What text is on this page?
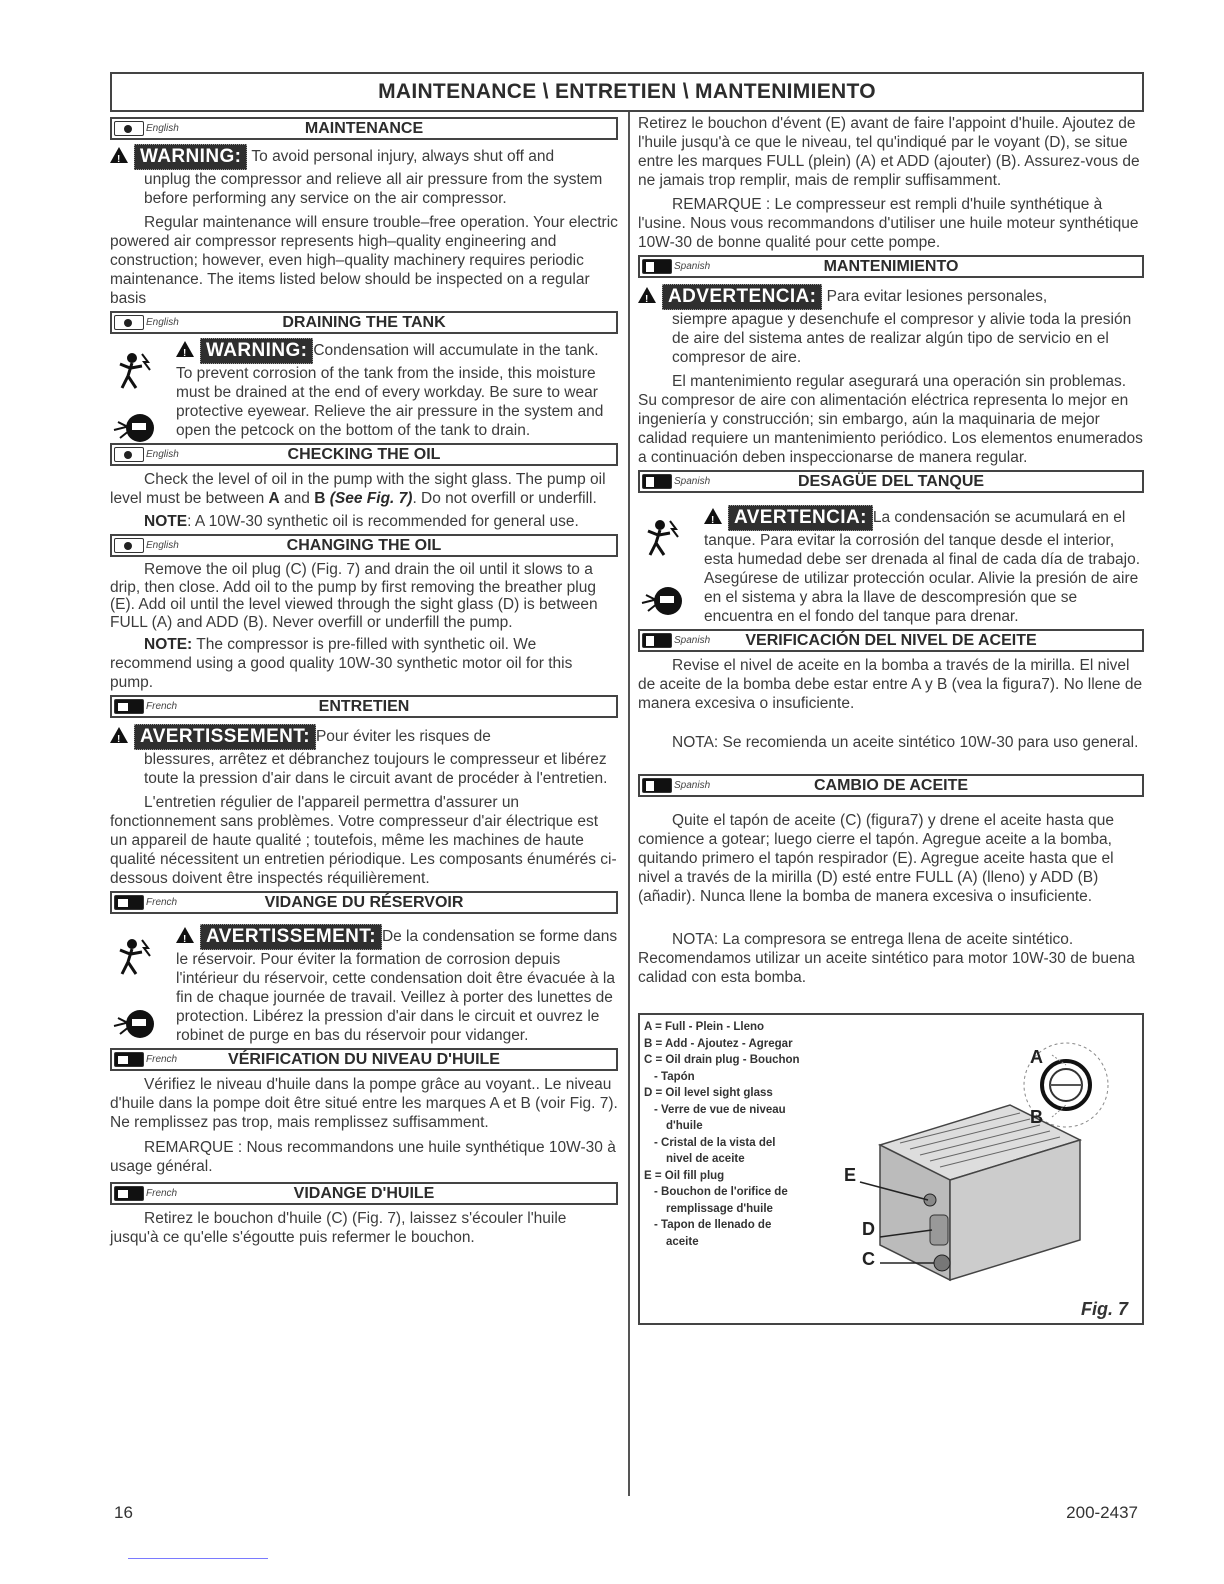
MAINTENANCE \ ENTRETIEN \ MANTENIMIENTO
English	MAINTENANCE
!WARNING: To avoid personal injury, always shut off and

unplug the compressor and relieve all air pressure from the system before performing any service on the air compressor.

Regular maintenance will ensure trouble–free operation. Your electric powered air compressor represents high–quality engineering and construction; however, even high–quality machinery requires periodic maintenance. The items listed below should be inspected on a regular basis

English	DRAINING THE TANK
!WARNING: Condensation will accumulate in the tank. To prevent corrosion of the tank from the inside, this moisture must be drained at the end of every workday. Be sure to wear protective eyewear. Relieve the air pressure in the system and open the petcock on the bottom of the tank to drain.
English	CHECKING THE OIL

Check the level of oil in the pump with the sight glass. The pump oil level must be between A and B (See Fig. 7). Do not overfill or underfill.

NOTE: A 10W-30 synthetic oil is recommended for general use.

English	CHANGING THE OIL

Remove the oil plug (C) (Fig. 7) and drain the oil until it slows to a drip, then close. Add oil to the pump by first removing the breather plug (E). Add oil until the level viewed through the sight glass (D) is between FULL (A) and ADD (B). Never overfill or underfill the pump.

NOTE: The compressor is pre-filled with synthetic oil. We recommend using a good quality 10W-30 synthetic motor oil for this pump.

French	ENTRETIEN
!AVERTISSEMENT: Pour éviter les risques de

blessures, arrêtez et débranchez toujours le compresseur et libérez toute la pression d'air dans le circuit avant de procéder à l'entretien.

L'entretien régulier de l'appareil permettra d'assurer un fonctionnement sans problèmes. Votre compresseur d'air électrique est un appareil de haute qualité ; toutefois, même les machines de haute qualité nécessitent un entretien périodique. Les composants énumérés ci-dessous doivent être inspectés réquilièrement.

French	VIDANGE DU RÉSERVOIR
!AVERTISSEMENT: De la condensation se forme dans le réservoir. Pour éviter la formation de corrosion depuis l'intérieur du réservoir, cette condensation doit être évacuée à la fin de chaque journée de travail. Veillez à porter des lunettes de protection. Libérez la pression d'air dans le circuit et ouvrez le robinet de purge en bas du réservoir pour vidanger.
French	VÉRIFICATION DU NIVEAU D'HUILE

Vérifiez le niveau d'huile dans la pompe grâce au voyant.. Le niveau d'huile dans la pompe doit être situé entre les marques A et B (voir Fig. 7). Ne remplissez pas trop, mais remplissez suffisamment.

REMARQUE : Nous recommandons une huile synthétique 10W-30 à usage général.

French	VIDANGE D'HUILE

Retirez le bouchon d'huile (C) (Fig. 7), laissez s'écouler l'huile jusqu'à ce qu'elle s'égoutte puis refermer le bouchon.

Retirez le bouchon d'évent (E) avant de faire l'appoint d'huile. Ajoutez de l'huile jusqu'à ce que le niveau, tel qu'indiqué par le voyant (D), se situe entre les marques FULL (plein) (A) et ADD (ajouter) (B). Assurez-vous de ne jamais trop remplir, mais de remplir suffisamment.

REMARQUE : Le compresseur est rempli d'huile synthétique à l'usine. Nous vous recommandons d'utiliser une huile moteur synthétique 10W-30 de bonne qualité pour cette pompe.

Spanish	MANTENIMIENTO
!ADVERTENCIA: Para evitar lesiones personales,

siempre apague y desenchufe el compresor y alivie toda la presión de aire del sistema antes de realizar algún tipo de servicio en el compresor de aire.

El mantenimiento regular asegurará una operación sin problemas. Su compresor de aire con alimentación eléctrica representa lo mejor en ingeniería y construcción; sin embargo, aún la maquinaria de mejor calidad requiere un mantenimiento periódico. Los elementos enumerados a continuación deben inspeccionarse de manera regular.

Spanish	DESAGÜE DEL TANQUE
!AVERTENCIA: La condensación se acumulará en el tanque. Para evitar la corrosión del tanque desde el interior, esta humedad debe ser drenada al final de cada día de trabajo. Asegúrese de utilizar protección ocular. Alivie la presión de aire en el sistema y abra la llave de descompresión que se encuentra en el fondo del tanque para drenar.
Spanish	VERIFICACIÓN DEL NIVEL DE ACEITE

Revise el nivel de aceite en la bomba a través de la mirilla. El nivel de aceite de la bomba debe estar entre A y B (vea la figura7). No llene de manera excesiva o insuficiente.

NOTA: Se recomienda un aceite sintético 10W-30 para uso general.

Spanish	CAMBIO DE ACEITE

Quite el tapón de aceite (C) (figura7) y drene el aceite hasta que comience a gotear; luego cierre el tapón. Agregue aceite a la bomba, quitando primero el tapón respirador (E). Agregue aceite hasta que el nivel a través de la mirilla (D) esté entre FULL (A) (lleno) y ADD (B) (añadir). Nunca llene la bomba de manera excesiva o insuficiente.

NOTA: La compresora se entrega llena de aceite sintético. Recomendamos utilizar un aceite sintético para motor 10W-30 de buena calidad con esta bomba.

A = Full - Plein - Lleno
B = Add - Ajoutez - Agregar
C = Oil drain plug - Bouchon
- Tapón
D = Oil level sight glass
- Verre de vue de niveau
d'huile
- Cristal de la vista del
nivel de aceite
E = Oil fill plug
- Bouchon de l'orifice de
remplissage d'huile
- Tapon de llenado de
aceite
A
B
E
D
C
Fig. 7
16	200-2437
